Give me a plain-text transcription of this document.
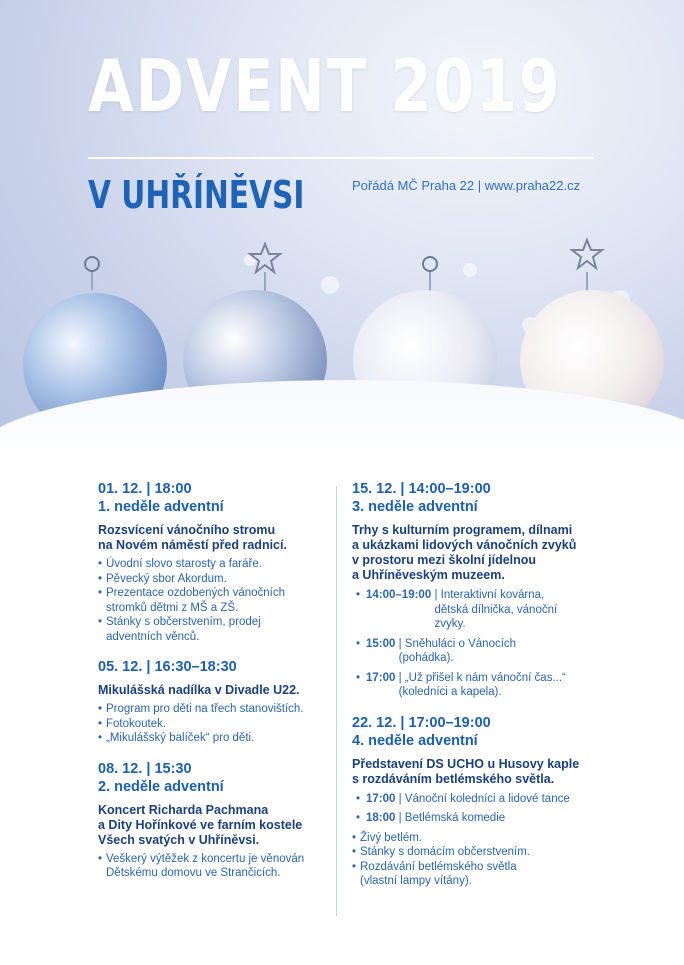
ADVENT 2019
V UHŘÍNĚVSI	Pořádá MČ Praha 22 | www.praha22.cz
01. 12. | 18:00
1. neděle adventní
Rozsvícení vánočního stromu
na Novém náměstí před radnicí.
• Úvodní slovo starosty a faráře.
• Pěvecký sbor Akordum.
• Prezentace ozdobených vánočních
stromků dětmi z MŠ a ZŠ.
• Stánky s občerstvením, prodej
adventních věnců.
05. 12. | 16:30–18:30
Mikulášská nadílka v Divadle U22.
• Program pro děti na třech stanovištích.
• Fotokoutek.
• „Mikulášský balíček“ pro děti.
08. 12. | 15:30
2. neděle adventní
Koncert Richarda Pachmana
a Dity Hořínkové ve farním kostele
Všech svatých v Uhříněvsi.
• Veškerý výtěžek z koncertu je věnován
Dětskému domovu ve Strančicích.
15. 12. | 14:00–19:00
3. neděle adventní
Trhy s kulturním programem, dílnami
a ukázkami lidových vánočních zvyků
v prostoru mezi školní jídelnou
a Uhříněveským muzeem.
• 14:00–19:00
| Interaktivní kovárna,
dětská dílnička, vánoční
zvyky.
• 15:00
| Sněhuláci o Vánocích
(pohádka).
• 17:00
| „Už přišel k nám vánoční čas...“
(koledníci a kapela).
22. 12. | 17:00–19:00
4. neděle adventní
Představení DS UCHO u Husovy kaple
s rozdáváním betlémského světla.
• 17:00
| Vánoční koledníci a lidové tance
• 18:00
| Betlémská komedie
• Živý betlém.
• Stánky s domácím občerstvením.
• Rozdávání betlémského světla
(vlastní lampy vítány).
